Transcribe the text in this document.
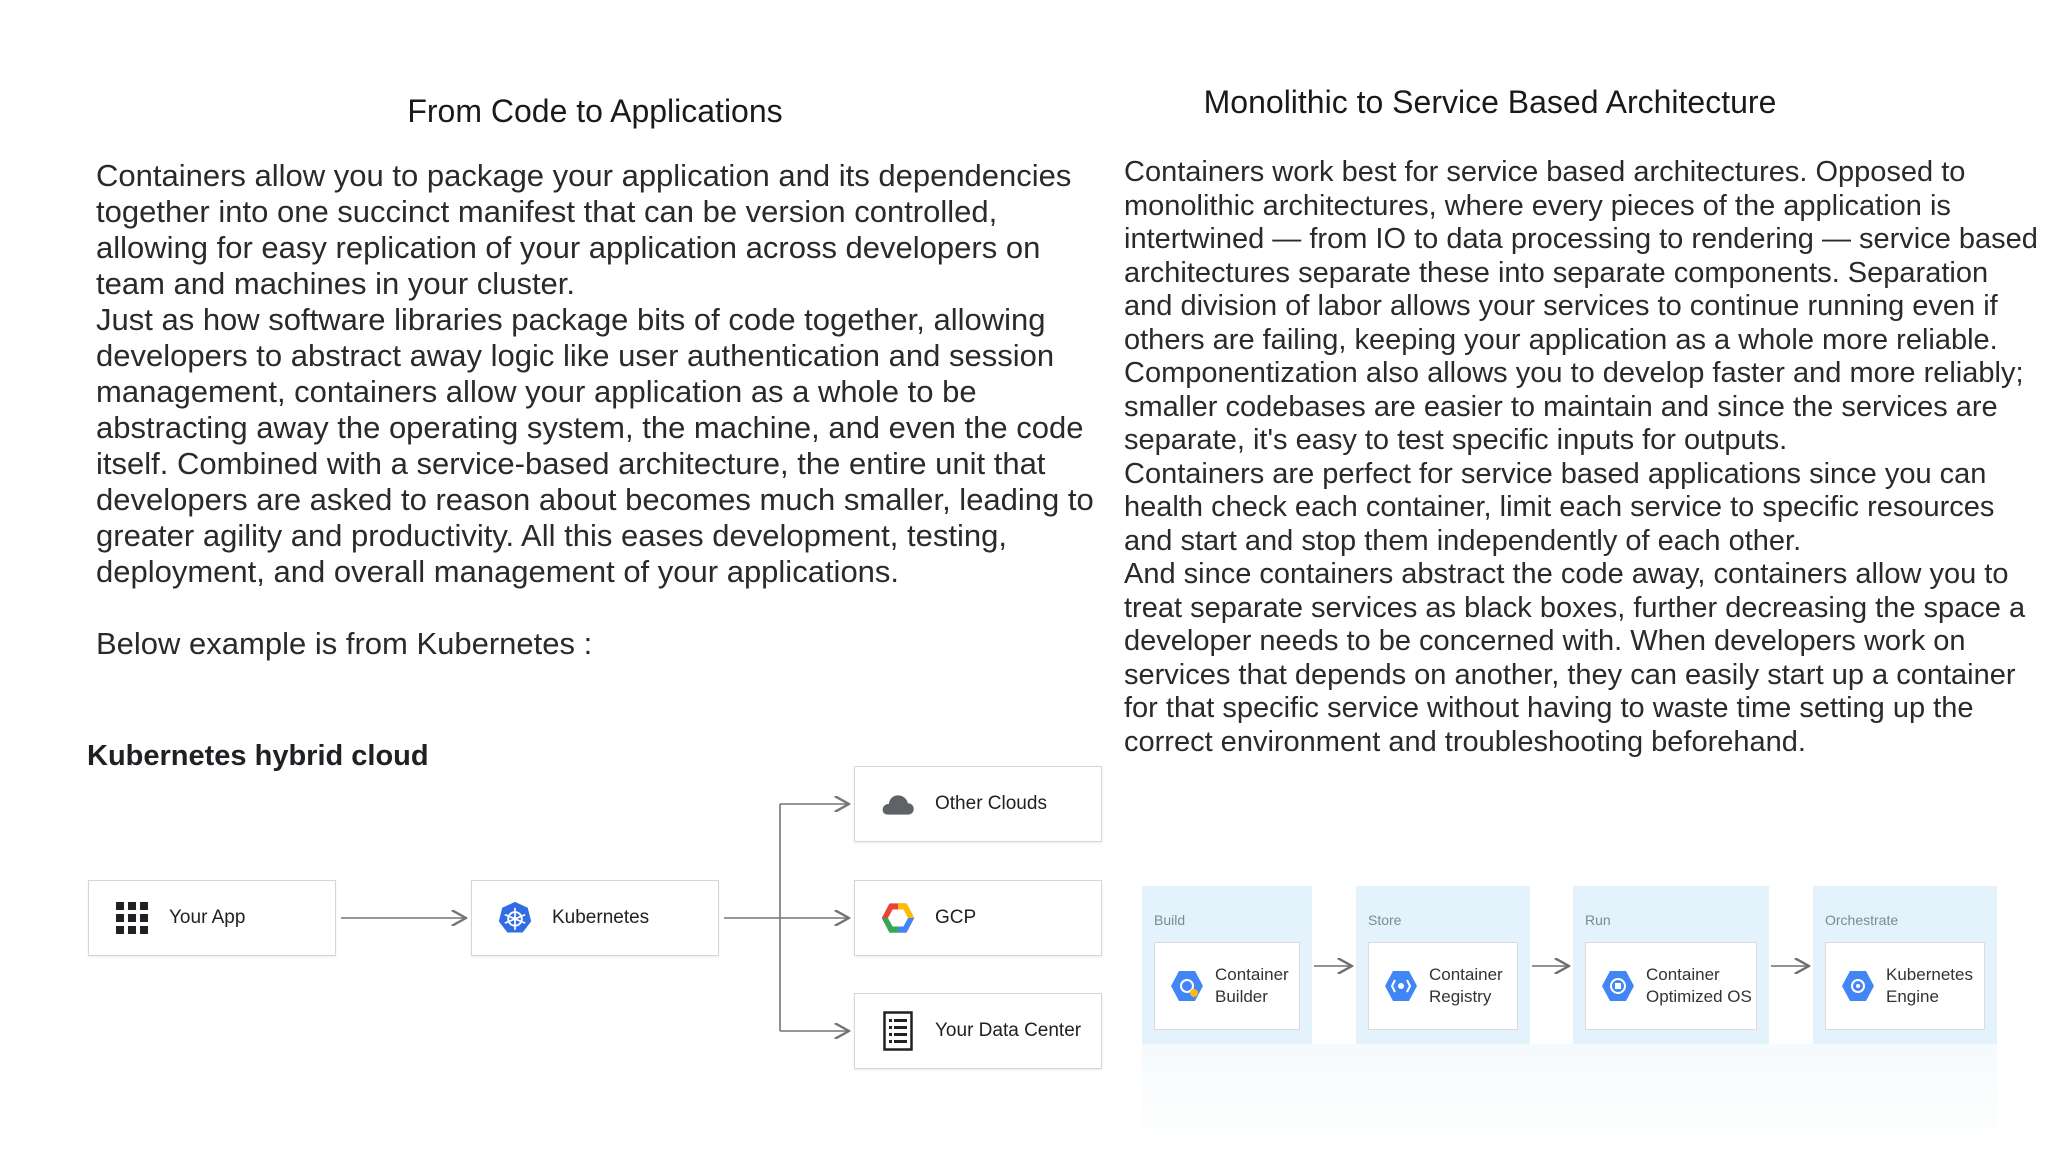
From Code to Applications

Containers allow you to package your application and its dependencies together into one succinct manifest that can be version controlled, allowing for easy replication of your application across developers on team and machines in your cluster.

Just as how software libraries package bits of code together, allowing developers to abstract away logic like user authentication and session management, containers allow your application as a whole to be abstracting away the operating system, the machine, and even the code itself. Combined with a service-based architecture, the entire unit that developers are asked to reason about becomes much smaller, leading to greater agility and productivity. All this eases development, testing, deployment, and overall management of your applications.

Below example is from Kubernetes :

Monolithic to Service Based Architecture

Containers work best for service based architectures. Opposed to monolithic architectures, where every pieces of the application is intertwined — from IO to data processing to rendering — service based architectures separate these into separate components. Separation and division of labor allows your services to continue running even if others are failing, keeping your application as a whole more reliable.

Componentization also allows you to develop faster and more reliably; smaller codebases are easier to maintain and since the services are separate, it's easy to test specific inputs for outputs.

Containers are perfect for service based applications since you can health check each container, limit each service to specific resources and start and stop them independently of each other.

And since containers abstract the code away, containers allow you to treat separate services as black boxes, further decreasing the space a developer needs to be concerned with. When developers work on services that depends on another, they can easily start up a container for that specific service without having to waste time setting up the correct environment and troubleshooting beforehand.

Kubernetes hybrid cloud
Your App	Kubernetes
Other Clouds
GCP
Your Data Center
Build
Container
Builder
Store
Container
Registry
Run
Container
Optimized OS
Orchestrate
Kubernetes
Engine
